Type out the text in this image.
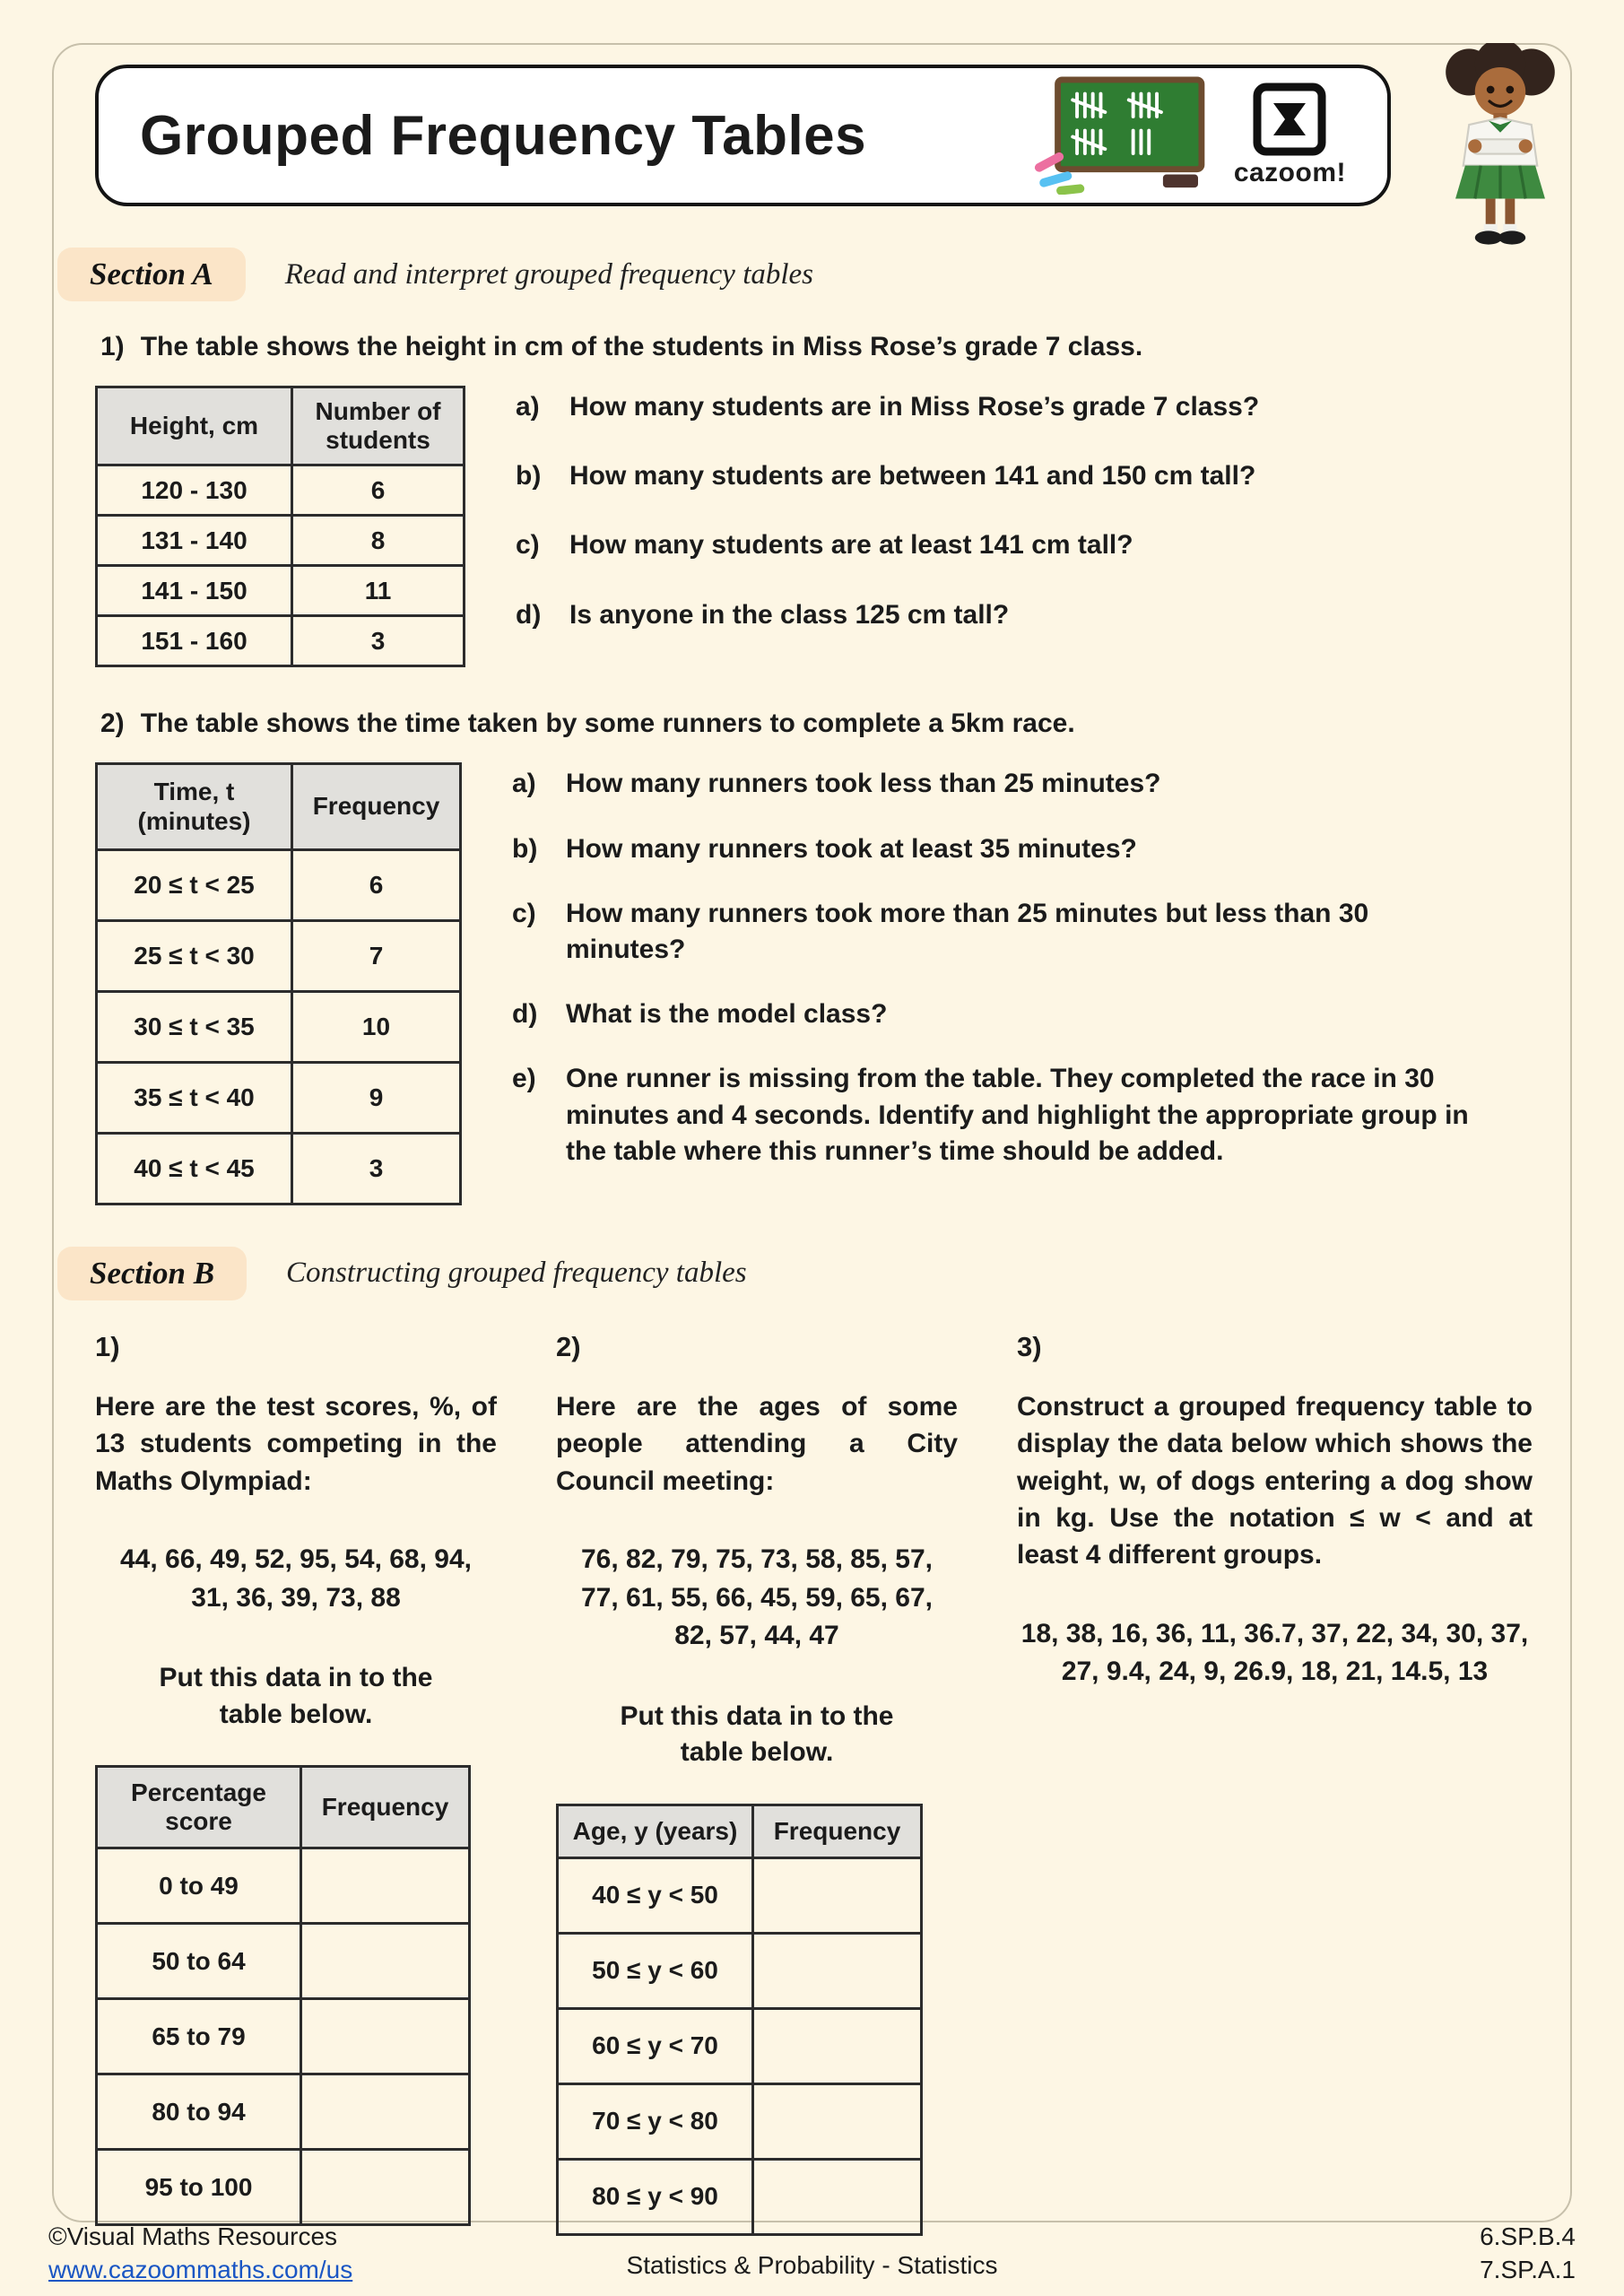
Grouped Frequency Tables
cazoom!
Section A	Read and interpret grouped frequency tables
1) The table shows the height in cm of the students in Miss Rose’s grade 7 class.
Height, cm	Number of students
120 - 130	6
131 - 140	8
141 - 150	11
151 - 160	3
a)	How many students are in Miss Rose’s grade 7 class?
b)	How many students are between 141 and 150 cm tall?
c)	How many students are at least 141 cm tall?
d)	Is anyone in the class 125 cm tall?
2) The table shows the time taken by some runners to complete a 5km race.
Time, t (minutes)	Frequency
20 ≤ t < 25	6
25 ≤ t < 30	7
30 ≤ t < 35	10
35 ≤ t < 40	9
40 ≤ t < 45	3
a)	How many runners took less than 25 minutes?
b)	How many runners took at least 35 minutes?
c)	How many runners took more than 25 minutes but less than 30 minutes?
d)	What is the model class?
e)	One runner is missing from the table. They completed the race in 30 minutes and 4 seconds. Identify and highlight the appropriate group in the table where this runner’s time should be added.
Section B	Constructing grouped frequency tables
1)

Here are the test scores, %, of 13 students competing in the Maths Olympiad:

44, 66, 49, 52, 95, 54, 68, 94, 31, 36, 39, 73, 88

Put this data in to the table below.

Percentage score	Frequency
0 to 49	
50 to 64	
65 to 79	
80 to 94	
95 to 100	
2)

Here are the ages of some people attending a City Council meeting:

76, 82, 79, 75, 73, 58, 85, 57, 77, 61, 55, 66, 45, 59, 65, 67, 82, 57, 44, 47

Put this data in to the table below.

Age, y (years)	Frequency
40 ≤ y < 50	
50 ≤ y < 60	
60 ≤ y < 70	
70 ≤ y < 80	
80 ≤ y < 90	
3)

Construct a grouped frequency table to display the data below which shows the weight, w, of dogs entering a dog show in kg. Use the notation ≤ w < and at least 4 different groups.

18, 38, 16, 36, 11, 36.7, 37, 22, 34, 30, 37, 27, 9.4, 24, 9, 26.9, 18, 21, 14.5, 13

©Visual Maths Resources
www.cazoommaths.com/us	Statistics & Probability - Statistics
6.SP.B.4
7.SP.A.1
